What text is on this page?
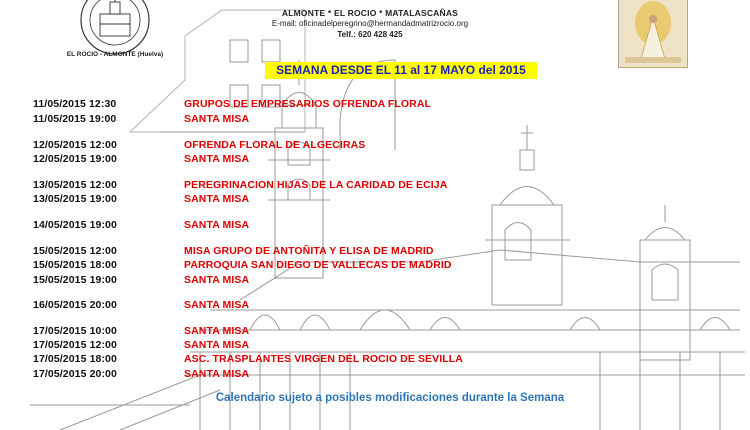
EL ROCIO - ALMONTE (Huelva)
ALMONTE * EL ROCIO * MATALASCAÑAS
E-mail: oficinadelperegrino@hermandadmatrizrocio.org
Telf.: 620 428 425
SEMANA DESDE EL 11 al 17 MAYO del 2015
11/05/2015 12:30	GRUPOS DE EMPRESARIOS OFRENDA FLORAL
11/05/2015 19:00	SANTA MISA
12/05/2015 12:00	OFRENDA FLORAL DE ALGECIRAS
12/05/2015 19:00	SANTA MISA
13/05/2015 12:00	PEREGRINACION HIJAS DE LA CARIDAD DE ECIJA
13/05/2015 19:00	SANTA MISA
14/05/2015 19:00	SANTA MISA
15/05/2015 12:00	MISA GRUPO DE ANTOÑITA Y ELISA DE MADRID
15/05/2015 18:00	PARROQUIA SAN DIEGO DE VALLECAS DE MADRID
15/05/2015 19:00	SANTA MISA
16/05/2015 20:00	SANTA MISA
17/05/2015 10:00	SANTA MISA
17/05/2015 12:00	SANTA MISA
17/05/2015 18:00	ASC. TRASPLANTES VIRGEN DEL ROCIO DE SEVILLA
17/05/2015 20:00	SANTA MISA
Calendario sujeto a posibles modificaciones durante la Semana
